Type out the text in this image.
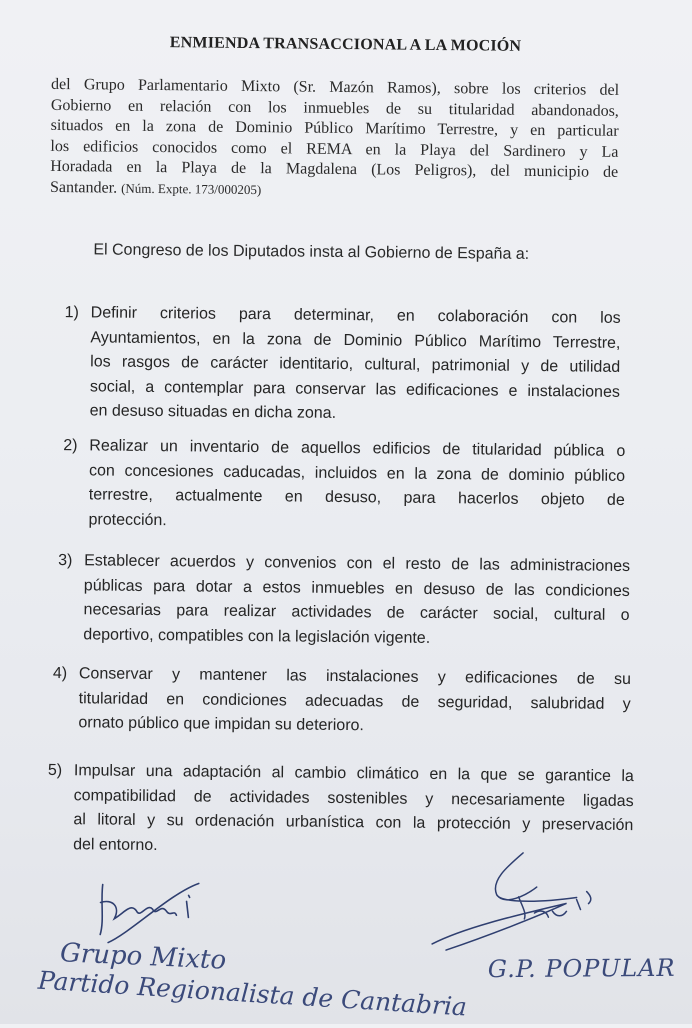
ENMIENDA TRANSACCIONAL A LA MOCIÓN
del Grupo Parlamentario Mixto (Sr. Mazón Ramos), sobre los criterios del
Gobierno en relación con los inmuebles de su titularidad abandonados,
situados en la zona de Dominio Público Marítimo Terrestre, y en particular
los edificios conocidos como el REMA en la Playa del Sardinero y La
Horadada en la Playa de la Magdalena (Los Peligros), del municipio de
Santander. (Núm. Expte. 173/000205)
El Congreso de los Diputados insta al Gobierno de España a:
1) Definir criterios para determinar, en colaboración con los
Ayuntamientos, en la zona de Dominio Público Marítimo Terrestre,
los rasgos de carácter identitario, cultural, patrimonial y de utilidad
social, a contemplar para conservar las edificaciones e instalaciones
en desuso situadas en dicha zona.
2) Realizar un inventario de aquellos edificios de titularidad pública o
con concesiones caducadas, incluidos en la zona de dominio público
terrestre, actualmente en desuso, para hacerlos objeto de
protección.
3) Establecer acuerdos y convenios con el resto de las administraciones
públicas para dotar a estos inmuebles en desuso de las condiciones
necesarias para realizar actividades de carácter social, cultural o
deportivo, compatibles con la legislación vigente.
4) Conservar y mantener las instalaciones y edificaciones de su
titularidad en condiciones adecuadas de seguridad, salubridad y
ornato público que impidan su deterioro.
5) Impulsar una adaptación al cambio climático en la que se garantice la
compatibilidad de actividades sostenibles y necesariamente ligadas
al litoral y su ordenación urbanística con la protección y preservación
del entorno.
Grupo Mixto
Partido Regionalista de Cantabria G.P. POPULAR
